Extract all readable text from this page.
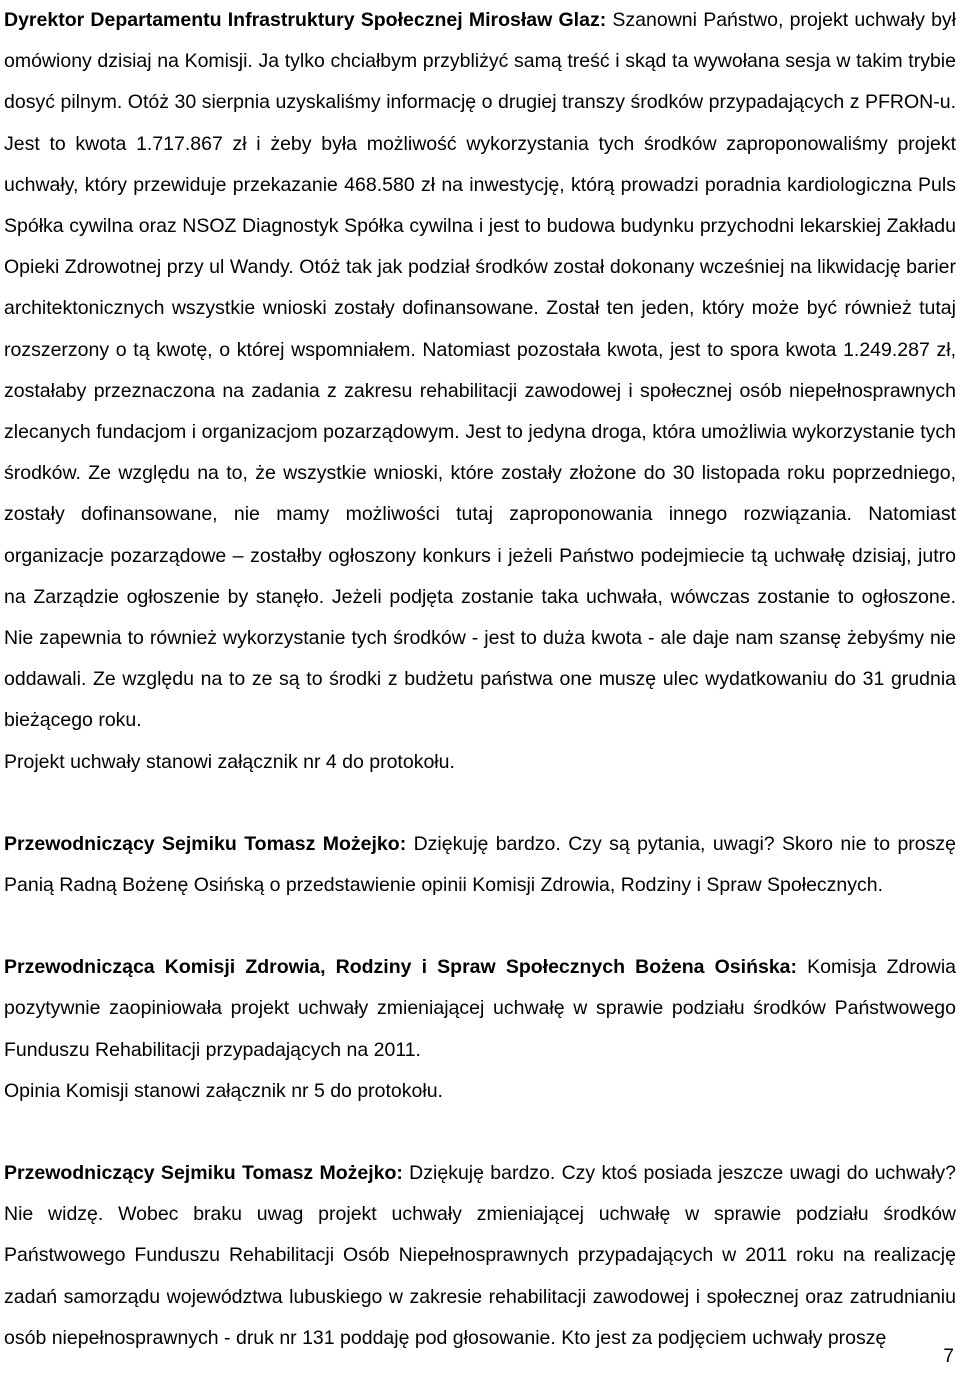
Dyrektor Departamentu Infrastruktury Społecznej Mirosław Glaz: Szanowni Państwo, projekt uchwały był omówiony dzisiaj na Komisji. Ja tylko chciałbym przybliżyć samą treść i skąd ta wywołana sesja w takim trybie dosyć pilnym. Otóż 30 sierpnia uzyskaliśmy informację o drugiej transzy środków przypadających z PFRON-u. Jest to kwota 1.717.867 zł i żeby była możliwość wykorzystania tych środków zaproponowaliśmy projekt uchwały, który przewiduje przekazanie 468.580 zł na inwestycję, którą prowadzi poradnia kardiologiczna Puls Spółka cywilna oraz NSOZ Diagnostyk Spółka cywilna i jest to budowa budynku przychodni lekarskiej Zakładu Opieki Zdrowotnej przy ul Wandy. Otóż tak jak podział środków został dokonany wcześniej na likwidację barier architektonicznych wszystkie wnioski zostały dofinansowane. Został ten jeden, który może być również tutaj rozszerzony o tą kwotę, o której wspomniałem. Natomiast pozostała kwota, jest to spora kwota 1.249.287 zł, zostałaby przeznaczona na zadania z zakresu rehabilitacji zawodowej i społecznej osób niepełnosprawnych zlecanych fundacjom i organizacjom pozarządowym. Jest to jedyna droga, która umożliwia wykorzystanie tych środków. Ze względu na to, że wszystkie wnioski, które zostały złożone do 30 listopada roku poprzedniego, zostały dofinansowane, nie mamy możliwości tutaj zaproponowania innego rozwiązania. Natomiast organizacje pozarządowe – zostałby ogłoszony konkurs i jeżeli Państwo podejmiecie tą uchwałę dzisiaj, jutro na Zarządzie ogłoszenie by stanęło. Jeżeli podjęta zostanie taka uchwała, wówczas zostanie to ogłoszone. Nie zapewnia to również wykorzystanie tych środków - jest to duża kwota - ale daje nam szansę żebyśmy nie oddawali. Ze względu na to ze są to środki z budżetu państwa one muszę ulec wydatkowaniu do 31 grudnia bieżącego roku.

Projekt uchwały stanowi załącznik nr 4 do protokołu.

Przewodniczący Sejmiku Tomasz Możejko: Dziękuję bardzo. Czy są pytania, uwagi? Skoro nie to proszę Panią Radną Bożenę Osińską o przedstawienie opinii Komisji Zdrowia, Rodziny i Spraw Społecznych.

Przewodnicząca Komisji Zdrowia, Rodziny i Spraw Społecznych Bożena Osińska: Komisja Zdrowia pozytywnie zaopiniowała projekt uchwały zmieniającej uchwałę w sprawie podziału środków Państwowego Funduszu Rehabilitacji przypadających na 2011.

Opinia Komisji stanowi załącznik nr 5 do protokołu.

Przewodniczący Sejmiku Tomasz Możejko: Dziękuję bardzo. Czy ktoś posiada jeszcze uwagi do uchwały? Nie widzę. Wobec braku uwag projekt uchwały zmieniającej uchwałę w sprawie podziału środków Państwowego Funduszu Rehabilitacji Osób Niepełnosprawnych przypadających w 2011 roku na realizację zadań samorządu województwa lubuskiego w zakresie rehabilitacji zawodowej i społecznej oraz zatrudnianiu osób niepełnosprawnych - druk nr 131 poddaję pod głosowanie. Kto jest za podjęciem uchwały proszę

7
